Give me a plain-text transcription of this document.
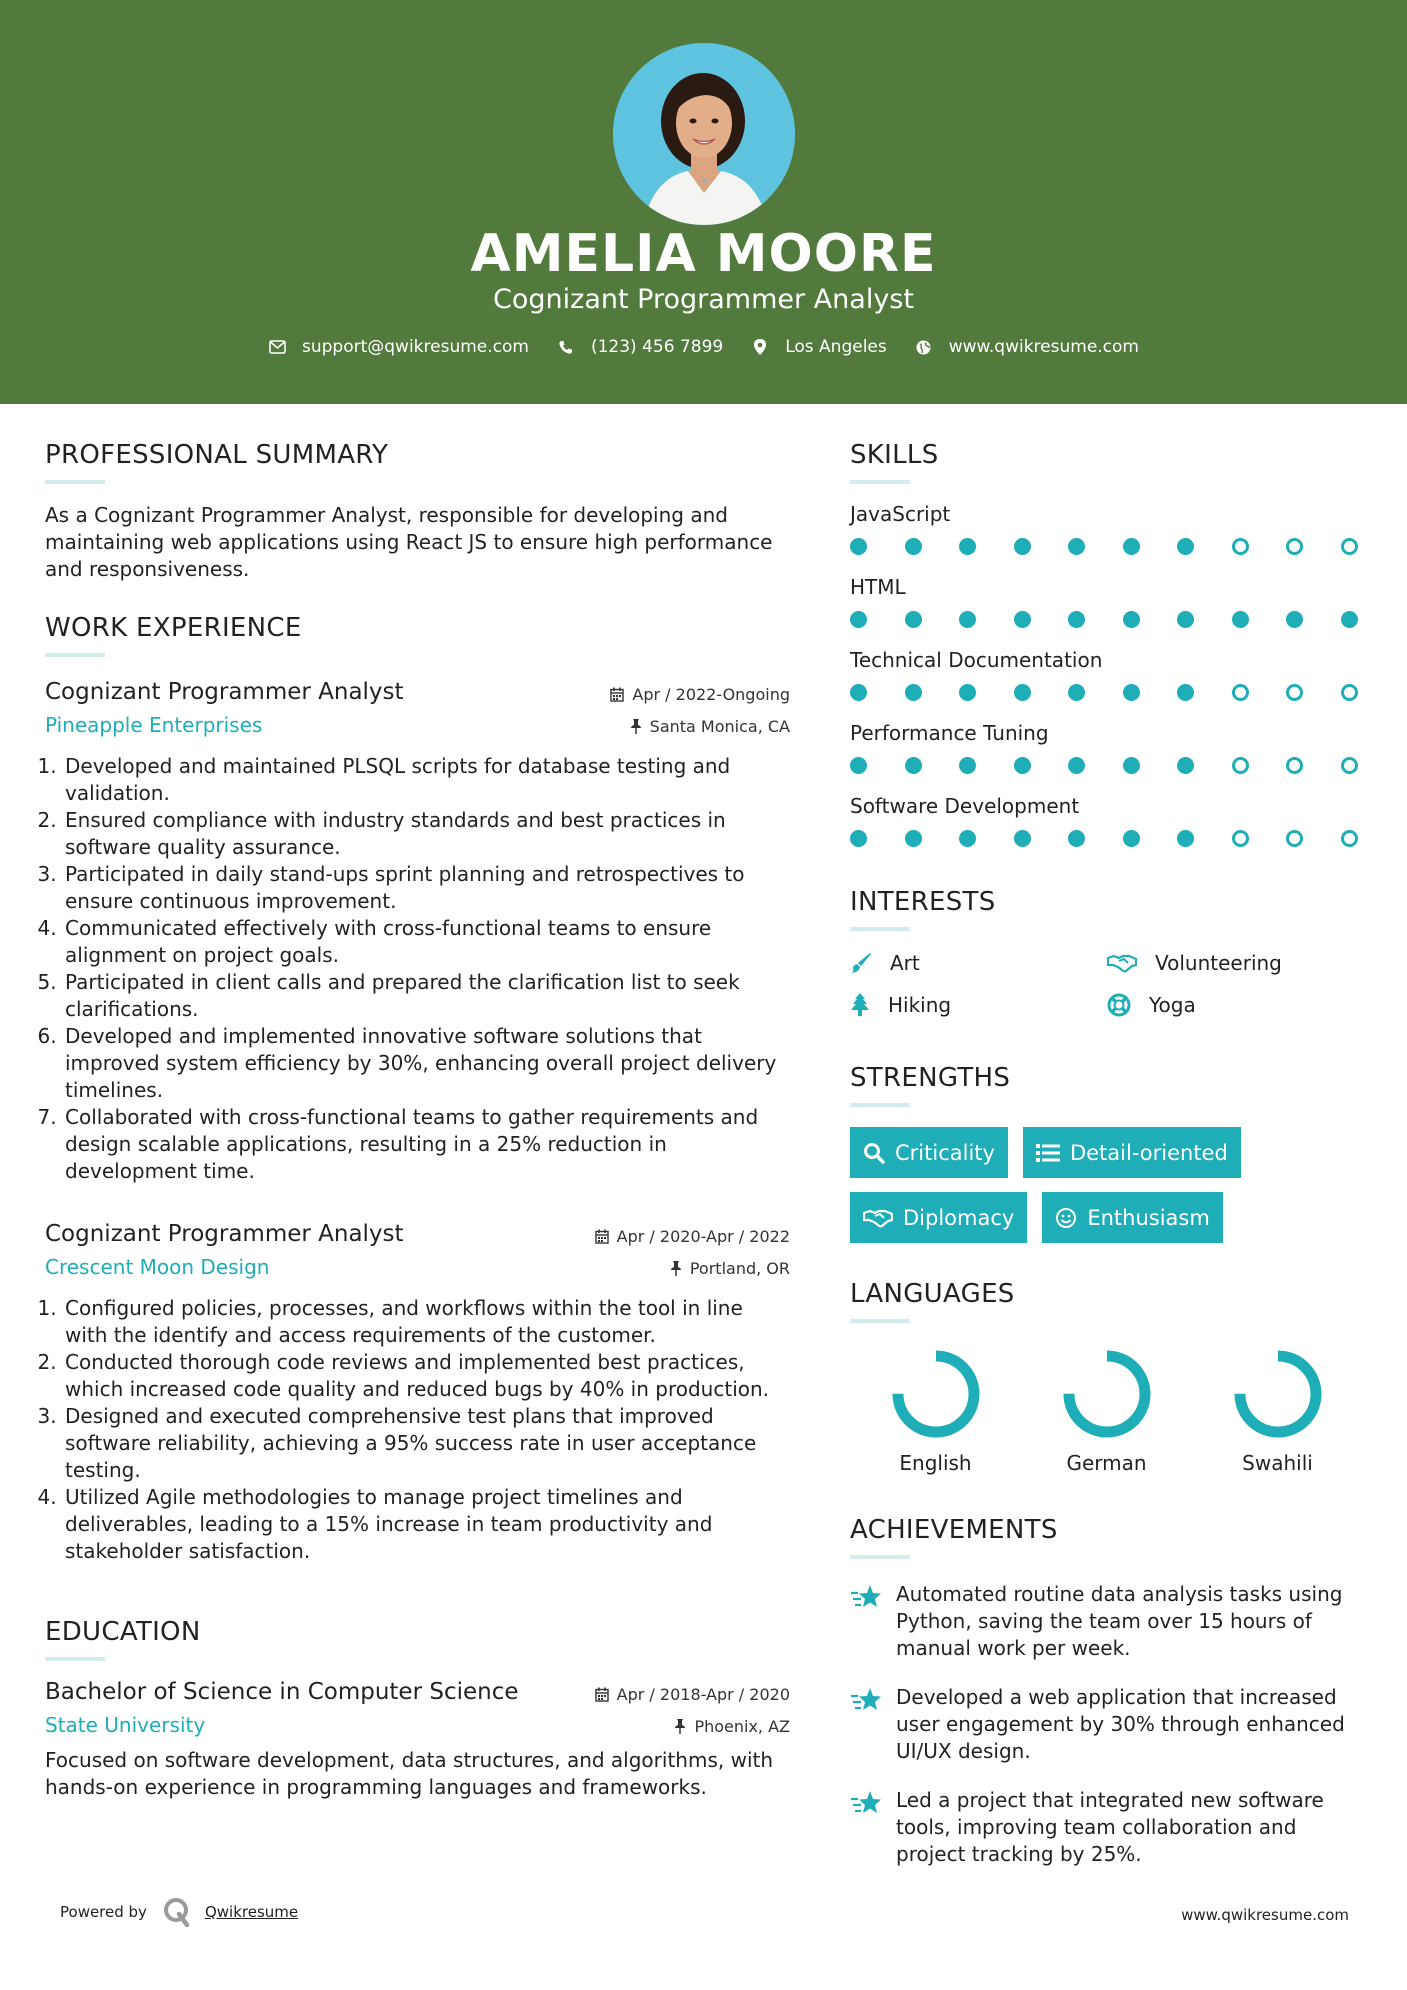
AMELIA MOORE
Cognizant Programmer Analyst
support@qwikresume.com	(123) 456 7899	Los Angeles	www.qwikresume.com
PROFESSIONAL SUMMARY
As a Cognizant Programmer Analyst, responsible for developing and maintaining web applications using React JS to ensure high performance and responsiveness.
WORK EXPERIENCE
Cognizant Programmer Analyst
Pineapple Enterprises
Apr / 2022-Ongoing
Santa Monica, CA
1. Developed and maintained PLSQL scripts for database testing and validation.
2. Ensured compliance with industry standards and best practices in software quality assurance.
3. Participated in daily stand-ups sprint planning and retrospectives to ensure continuous improvement.
4. Communicated effectively with cross-functional teams to ensure alignment on project goals.
5. Participated in client calls and prepared the clarification list to seek clarifications.
6. Developed and implemented innovative software solutions that improved system efficiency by 30%, enhancing overall project delivery timelines.
7. Collaborated with cross-functional teams to gather requirements and design scalable applications, resulting in a 25% reduction in development time.
Cognizant Programmer Analyst
Crescent Moon Design
Apr / 2020-Apr / 2022
Portland, OR
1. Configured policies, processes, and workflows within the tool in line with the identify and access requirements of the customer.
2. Conducted thorough code reviews and implemented best practices, which increased code quality and reduced bugs by 40% in production.
3. Designed and executed comprehensive test plans that improved software reliability, achieving a 95% success rate in user acceptance testing.
4. Utilized Agile methodologies to manage project timelines and deliverables, leading to a 15% increase in team productivity and stakeholder satisfaction.
EDUCATION
Bachelor of Science in Computer Science
State University
Apr / 2018-Apr / 2020
Phoenix, AZ
Focused on software development, data structures, and algorithms, with hands-on experience in programming languages and frameworks.
SKILLS
JavaScript
HTML
Technical Documentation
Performance Tuning
Software Development
INTERESTS
Art	Volunteering
Hiking	Yoga
STRENGTHS
Criticality	Detail-oriented
Diplomacy	Enthusiasm
LANGUAGES
English	German	Swahili
ACHIEVEMENTS
Automated routine data analysis tasks using Python, saving the team over 15 hours of manual work per week.
Developed a web application that increased user engagement by 30% through enhanced UI/UX design.
Led a project that integrated new software tools, improving team collaboration and project tracking by 25%.
Powered by	Qwikresume	www.qwikresume.com
